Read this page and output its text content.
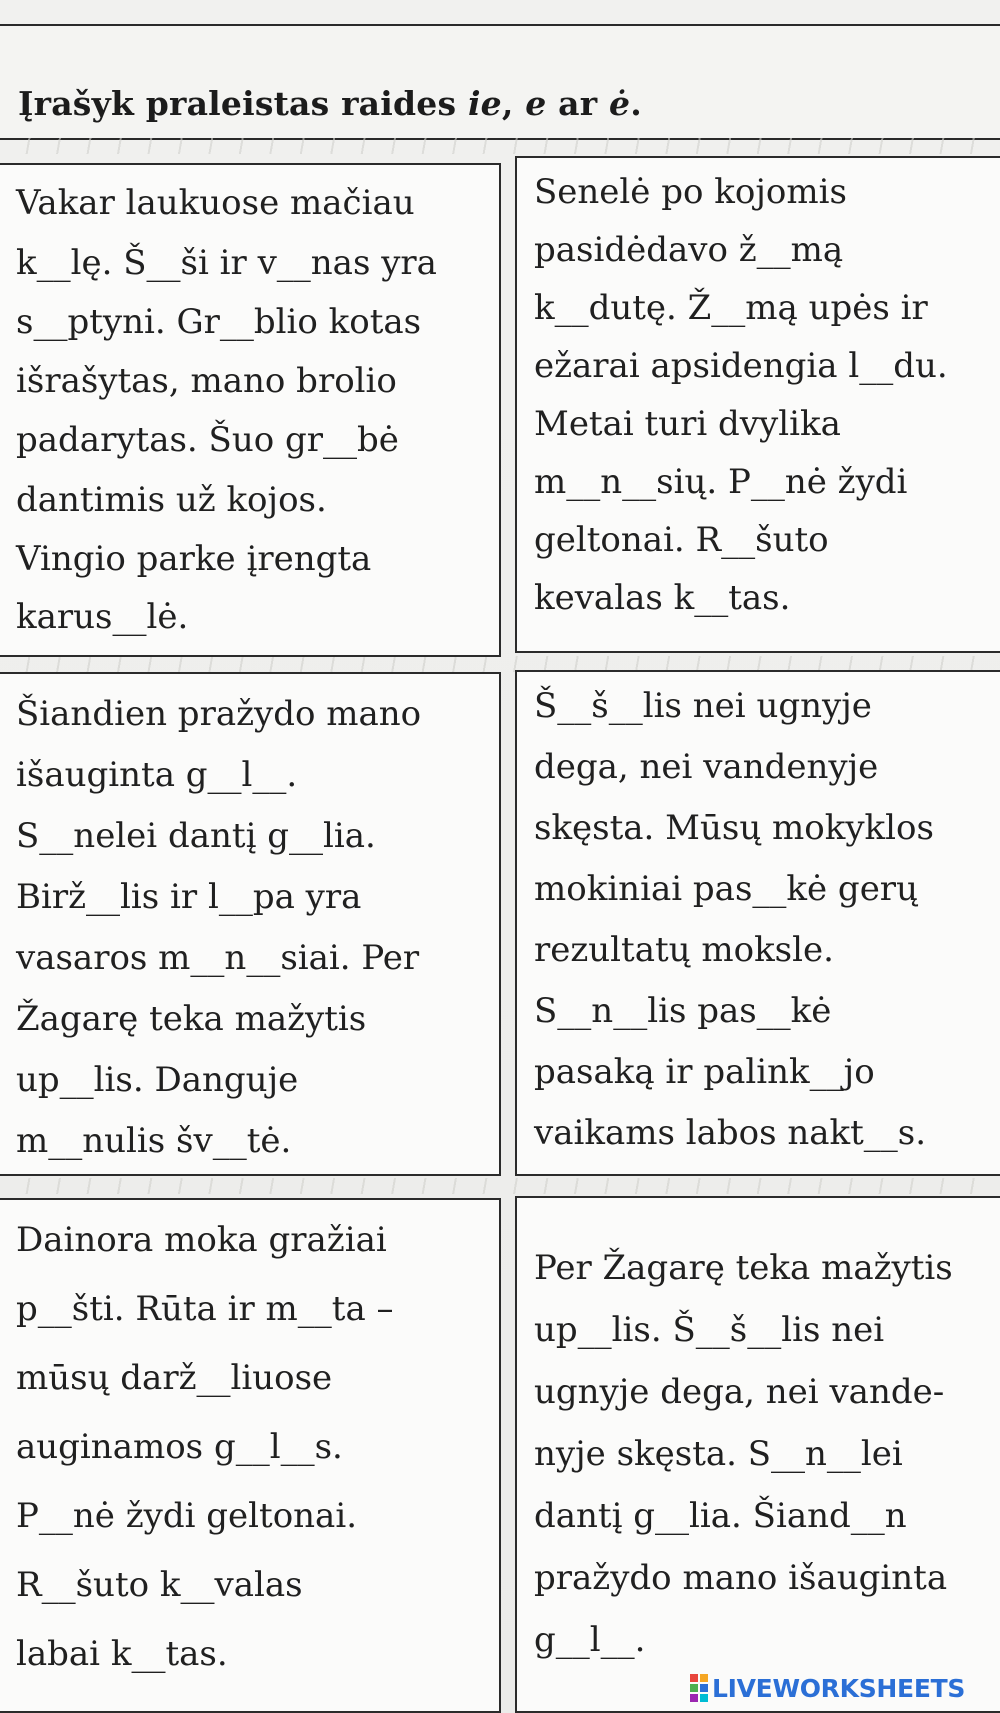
Įrašyk praleistas raides ie, e ar ė.
Vakar laukuose mačiau
k__lę. Š__ši ir v__nas yra
s__ptyni. Gr__blio kotas
išrašytas, mano brolio
padarytas. Šuo gr__bė
dantimis už kojos.
Vingio parke įrengta
karus__lė.
Senelė po kojomis
pasidėdavo ž__mą
k__dutę. Ž__mą upės ir
ežarai apsidengia l__du.
Metai turi dvylika
m__n__sių. P__nė žydi
geltonai. R__šuto
kevalas k__tas.
Šiandien pražydo mano
išauginta g__l__.
S__nelei dantį g__lia.
Birž__lis ir l__pa yra
vasaros m__n__siai. Per
Žagarę teka mažytis
up__lis. Danguje
m__nulis šv__tė.
Š__š__lis nei ugnyje
dega, nei vandenyje
skęsta. Mūsų mokyklos
mokiniai pas__kė gerų
rezultatų moksle.
S__n__lis pas__kė
pasaką ir palink__jo
vaikams labos nakt__s.
Dainora moka gražiai
p__šti. Rūta ir m__ta –
mūsų darž__liuose
auginamos g__l__s.
P__nė žydi geltonai.
R__šuto k__valas
labai k__tas.
Per Žagarę teka mažytis
up__lis. Š__š__lis nei
ugnyje dega, nei vande-
nyje skęsta. S__n__lei
dantį g__lia. Šiand__n
pražydo mano išauginta
g__l__.
LIVEWORKSHEETS
